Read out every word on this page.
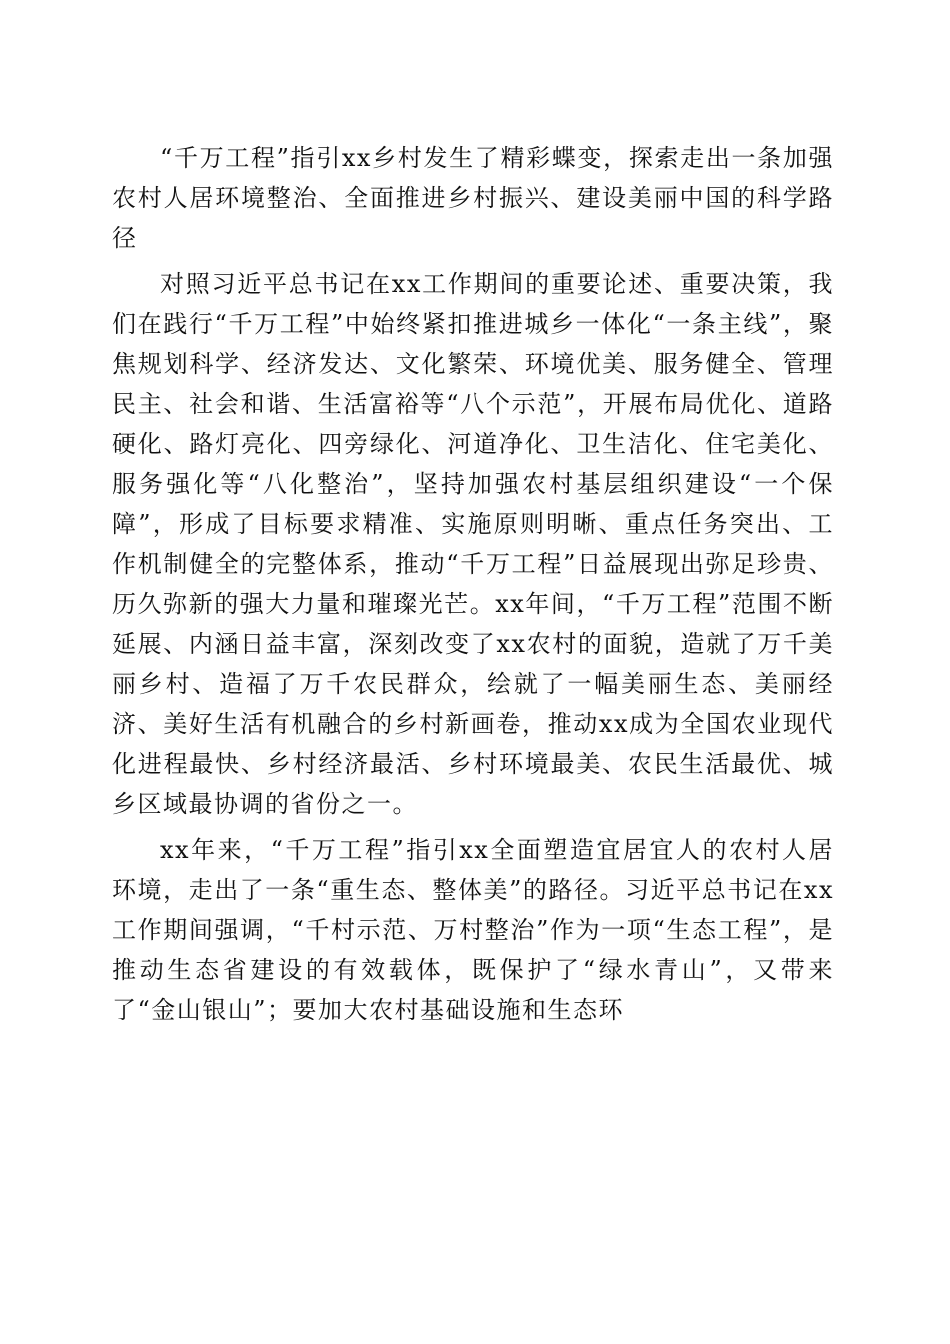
“千万工程”指引xx乡村发生了精彩蝶变，探索走出一条加强农村人居环境整治、全面推进乡村振兴、建设美丽中国的科学路径

对照习近平总书记在xx工作期间的重要论述、重要决策，我们在践行“千万工程”中始终紧扣推进城乡一体化“一条主线”，聚焦规划科学、经济发达、文化繁荣、环境优美、服务健全、管理民主、社会和谐、生活富裕等“八个示范”，开展布局优化、道路硬化、路灯亮化、四旁绿化、河道净化、卫生洁化、住宅美化、服务强化等“八化整治”，坚持加强农村基层组织建设“一个保障”，形成了目标要求精准、实施原则明晰、重点任务突出、工作机制健全的完整体系，推动“千万工程”日益展现出弥足珍贵、历久弥新的强大力量和璀璨光芒。xx年间，“千万工程”范围不断延展、内涵日益丰富，深刻改变了xx农村的面貌，造就了万千美丽乡村、造福了万千农民群众，绘就了一幅美丽生态、美丽经济、美好生活有机融合的乡村新画卷，推动xx成为全国农业现代化进程最快、乡村经济最活、乡村环境最美、农民生活最优、城乡区域最协调的省份之一。

xx年来，“千万工程”指引xx全面塑造宜居宜人的农村人居环境，走出了一条“重生态、整体美”的路径。习近平总书记在xx工作期间强调，“千村示范、万村整治”作为一项“生态工程”，是推动生态省建设的有效载体，既保护了“绿水青山”，又带来了“金山银山”；要加大农村基础设施和生态环
